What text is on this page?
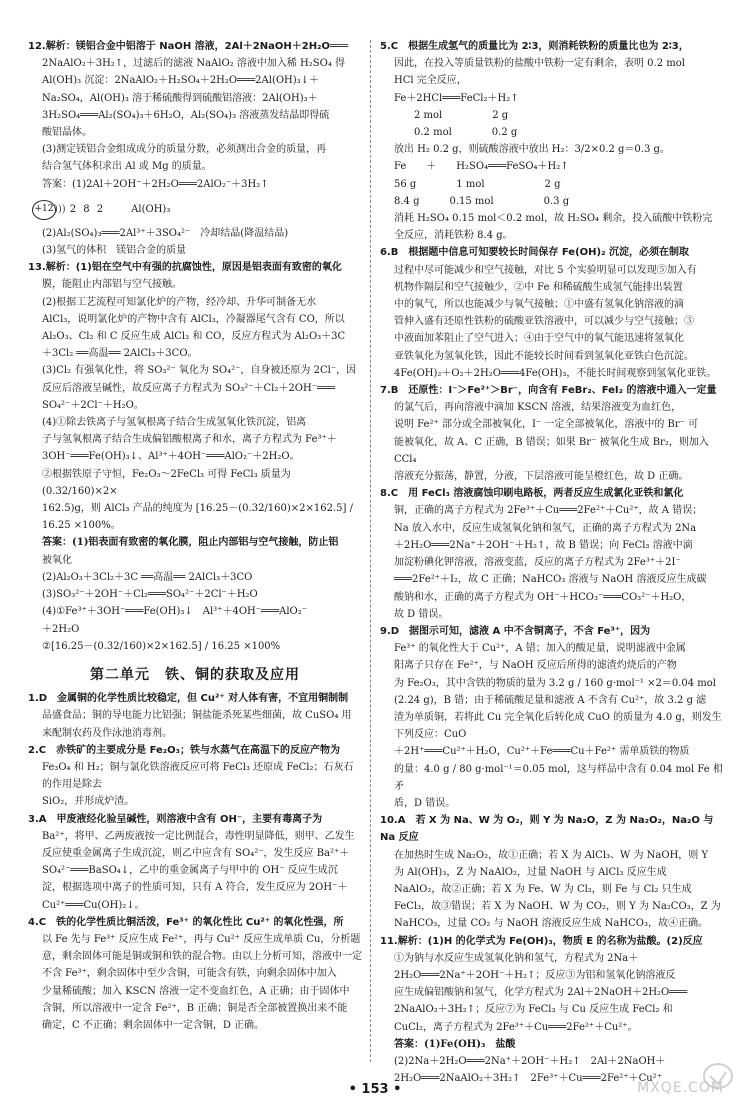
12.解析：镁铝合金中铝溶于 NaOH 溶液，2Al＋2NaOH＋2H₂O═══

2NaAlO₂＋3H₂↑，过滤后的滤液 NaAlO₂ 溶液中加入稀 H₂SO₄ 得

Al(OH)₃ 沉淀：2NaAlO₂＋H₂SO₄＋2H₂O═══2Al(OH)₃↓＋

Na₂SO₄，Al(OH)₃ 溶于稀硫酸得到硫酸铝溶液：2Al(OH)₃＋

3H₂SO₄═══Al₂(SO₄)₃＋6H₂O，Al₂(SO₄)₃ 溶液蒸发结晶即得硫

酸铝晶体。

(3)测定镁铝合金组成成分的质量分数，必须测出合金的质量，再

结合氢气体积求出 Al 或 Mg 的质量。

答案：(1)2Al＋2OH⁻＋2H₂O═══2AlO₂⁻＋3H₂↑

+12 ))) 2 8 2	Al(OH)₃

(2)Al₂(SO₄)₃═══2Al³⁺＋3SO₄²⁻　冷却结晶(降温结晶)

(3)氢气的体积　镁铝合金的质量

13.解析：(1)铝在空气中有强的抗腐蚀性，原因是铝表面有致密的氧化

膜，能阻止内部铝与空气接触。

(2)根据工艺流程可知氯化炉的产物，经冷却、升华可制备无水

AlCl₃，说明氯化炉的产物中含有 AlCl₃，冷凝器尾气含有 CO，所以

Al₂O₃、Cl₂ 和 C 反应生成 AlCl₃ 和 CO，反应方程式为 Al₂O₃＋3C

＋3Cl₂ ══高温══ 2AlCl₃＋3CO。

(3)Cl₂ 有强氧化性，将 SO₃²⁻ 氧化为 SO₄²⁻，自身被还原为 2Cl⁻，因

反应后溶液呈碱性，故反应离子方程式为 SO₃²⁻＋Cl₂＋2OH⁻═══

SO₄²⁻＋2Cl⁻＋H₂O。

(4)①除去铁离子与氢氧根离子结合生成氢氧化铁沉淀，铝离

子与氢氧根离子结合生成偏铝酸根离子和水，离子方程式为 Fe³⁺＋

3OH⁻═══Fe(OH)₃↓、Al³⁺＋4OH⁻═══AlO₂⁻＋2H₂O。

②根据铁原子守恒，Fe₂O₃～2FeCl₃ 可得 FeCl₃ 质量为(0.32/160)×2×

162.5)g，则 AlCl₃ 产品的纯度为 [16.25－(0.32/160)×2×162.5] / 16.25 ×100%。

答案：(1)铝表面有致密的氧化膜，阻止内部铝与空气接触，防止铝

被氧化

(2)Al₂O₃＋3Cl₂＋3C ══高温══ 2AlCl₃＋3CO

(3)SO₃²⁻＋2OH⁻＋Cl₂═══SO₄²⁻＋2Cl⁻＋H₂O

(4)①Fe³⁺＋3OH⁻═══Fe(OH)₃↓　Al³⁺＋4OH⁻═══AlO₂⁻

＋2H₂O

②[16.25－(0.32/160)×2×162.5] / 16.25 ×100%

第二单元　铁、铜的获取及应用

1.D　金属铜的化学性质比较稳定，但 Cu²⁺ 对人体有害，不宜用铜制制

品盛食品；铜的导电能力比铝强；铜盐能杀死某些细菌，故 CuSO₄ 用

来配制农药及作泳池消毒剂。

2.C　赤铁矿的主要成分是 Fe₂O₃；铁与水蒸气在高温下的反应产物为

Fe₃O₄ 和 H₂；铜与氯化铁溶液反应可将 FeCl₃ 还原成 FeCl₂；石灰石的作用是除去

SiO₂，并形成炉渣。

3.A　甲废液经化验呈碱性，则溶液中含有 OH⁻，主要有毒离子为

Ba²⁺，将甲、乙两废液按一定比例混合，毒性明显降低，则甲、乙发生

反应使重金属离子生成沉淀，则乙中应含有 SO₄²⁻，发生反应 Ba²⁺＋

SO₄²⁻═══BaSO₄↓，乙中的重金属离子与甲中的 OH⁻ 反应生成沉

淀，根据选项中离子的性质可知，只有 A 符合，发生反应为 2OH⁻＋

Cu²⁺═══Cu(OH)₂↓。

4.C　铁的化学性质比铜活泼，Fe³⁺ 的氧化性比 Cu²⁺ 的氧化性强，所

以 Fe 先与 Fe³⁺ 反应生成 Fe²⁺，再与 Cu²⁺ 反应生成单质 Cu，分析题

意，剩余固体可能是铜或铜和铁的混合物。由以上分析可知，溶液中一定

不含 Fe³⁺，剩余固体中至少含铜，可能含有铁，向剩余固体中加入

少量稀硫酸；加入 KSCN 溶液一定不变血红色，A 正确；由于固体中

含铜，所以溶液中一定含 Fe²⁺，B 正确；铜是否全部被置换出来不能

确定，C 不正确；剩余固体中一定含铜，D 正确。

5.C　根据生成氢气的质量比为 2∶3，则消耗铁粉的质量比也为 2∶3，

因此，在投入等质量铁粉的盐酸中铁粉一定有剩余，表明 0.2 mol

HCl 完全反应，

Fe＋2HCl═══FeCl₂＋H₂↑

　　2 mol　　　　　2 g

　　0.2 mol　　　　0.2 g

放出 H₂ 0.2 g，则硫酸溶液中放出 H₂：3/2×0.2 g＝0.3 g。

Fe　　＋　　H₂SO₄═══FeSO₄＋H₂↑

56 g　　　　1 mol　　　　　　2 g

8.4 g　　　0.15 mol　　　　　0.3 g

消耗 H₂SO₄ 0.15 mol＜0.2 mol，故 H₂SO₄ 剩余，投入硫酸中铁粉完

全反应，消耗铁粉 8.4 g。

6.B　根据题中信息可知要较长时间保存 Fe(OH)₂ 沉淀，必须在制取

过程中尽可能减少和空气接触，对比 5 个实验明显可以发现⑤加入有

机物作隔层和空气接触少，②中 Fe 和稀硫酸生成氢气能排出装置

中的氧气，所以也能减少与氧气接触；①中盛有氢氧化钠溶液的滴

管伸入盛有还原性铁粉的硫酸亚铁溶液中，可以减少与空气接触；③

中液面加苯阻止了空气进入；④由于空气中的氧气能迅速将氢氧化

亚铁氧化为氢氧化铁，因此不能较长时间看到氢氧化亚铁白色沉淀。

4Fe(OH)₂＋O₂＋2H₂O═══4Fe(OH)₃，不能长时间观察到氢氧化亚铁。

7.B　还原性：I⁻＞Fe²⁺＞Br⁻，向含有 FeBr₂、FeI₂ 的溶液中通入一定量

的氯气后，再向溶液中滴加 KSCN 溶液，结果溶液变为血红色，

说明 Fe²⁺ 部分或全部被氧化，I⁻ 一定全部被氧化，溶液中的 Br⁻ 可

能被氧化，故 A、C 正确，B 错误；如果 Br⁻ 被氧化生成 Br₂，则加入 CCl₄

溶液充分振荡，静置，分液，下层溶液可能呈橙红色，故 D 正确。

8.C　用 FeCl₃ 溶液腐蚀印刷电路板，两者反应生成氯化亚铁和氯化

铜，正确的离子方程式为 2Fe³⁺＋Cu═══2Fe²⁺＋Cu²⁺，故 A 错误；

Na 放入水中，反应生成氢氧化钠和氢气，正确的离子方程式为 2Na

＋2H₂O═══2Na⁺＋2OH⁻＋H₂↑，故 B 错误；向 FeCl₃ 溶液中滴

加淀粉碘化钾溶液，溶液变蓝，反应的离子方程式为 2Fe³⁺＋2I⁻

═══2Fe²⁺＋I₂，故 C 正确；NaHCO₃ 溶液与 NaOH 溶液反应生成碳

酸钠和水，正确的离子方程式为 OH⁻＋HCO₃⁻═══CO₃²⁻＋H₂O，

故 D 错误。

9.D　据图示可知，滤液 A 中不含铜离子，不含 Fe³⁺，因为

Fe³⁺ 的氧化性大于 Cu²⁺，A 错；加入的酸足量，说明滤液中金属

阳离子只存在 Fe²⁺，与 NaOH 反应后所得的滤渣灼烧后的产物

为 Fe₂O₃，其中含铁的物质的量为 3.2 g / 160 g·mol⁻¹ ×2＝0.04 mol

(2.24 g)，B 错；由于稀硫酸足量和滤液 A 不含有 Cu²⁺，故 3.2 g 滤

渣为单质铜，若将此 Cu 完全氧化后转化成 CuO 的质量为 4.0 g，则发生下列反应：CuO

＋2H⁺═══Cu²⁺＋H₂O，Cu²⁺＋Fe═══Cu＋Fe²⁺ 需单质铁的物质

的量：4.0 g / 80 g·mol⁻¹＝0.05 mol，这与样品中含有 0.04 mol Fe 相矛

盾，D 错误。

10.A　若 X 为 Na、W 为 O₂，则 Y 为 Na₂O，Z 为 Na₂O₂，Na₂O 与 Na 反应

在加热时生成 Na₂O₂，故①正确；若 X 为 AlCl₃、W 为 NaOH，则 Y

为 Al(OH)₃，Z 为 NaAlO₂，过量 NaOH 与 AlCl₃ 反应生成

NaAlO₂，故②正确；若 X 为 Fe、W 为 Cl₂，则 Fe 与 Cl₂ 只生成

FeCl₃，故③错误；若 X 为 NaOH、W 为 CO₂，则 Y 为 Na₂CO₃，Z 为

NaHCO₃，过量 CO₂ 与 NaOH 溶液反应生成 NaHCO₃，故④正确。

11.解析：(1)H 的化学式为 Fe(OH)₃，物质 E 的名称为盐酸。(2)反应

①为钠与水反应生成氢氧化钠和氢气，方程式为 2Na＋

2H₂O═══2Na⁺＋2OH⁻＋H₂↑；反应③为铝和氢氧化钠溶液反

应生成偏铝酸钠和氢气，化学方程式为 2Al＋2NaOH＋2H₂O═══

2NaAlO₂＋3H₂↑；反应⑦为 FeCl₃ 与 Cu 反应生成 FeCl₂ 和

CuCl₂，离子方程式为 2Fe³⁺＋Cu═══2Fe²⁺＋Cu²⁺。

答案：(1)Fe(OH)₃　盐酸

(2)2Na＋2H₂O═══2Na⁺＋2OH⁻＋H₂↑　2Al＋2NaOH＋

2H₂O═══2NaAlO₂＋3H₂↑　2Fe³⁺＋Cu═══2Fe²⁺＋Cu²⁺

• 153 •	MXQE.COM
